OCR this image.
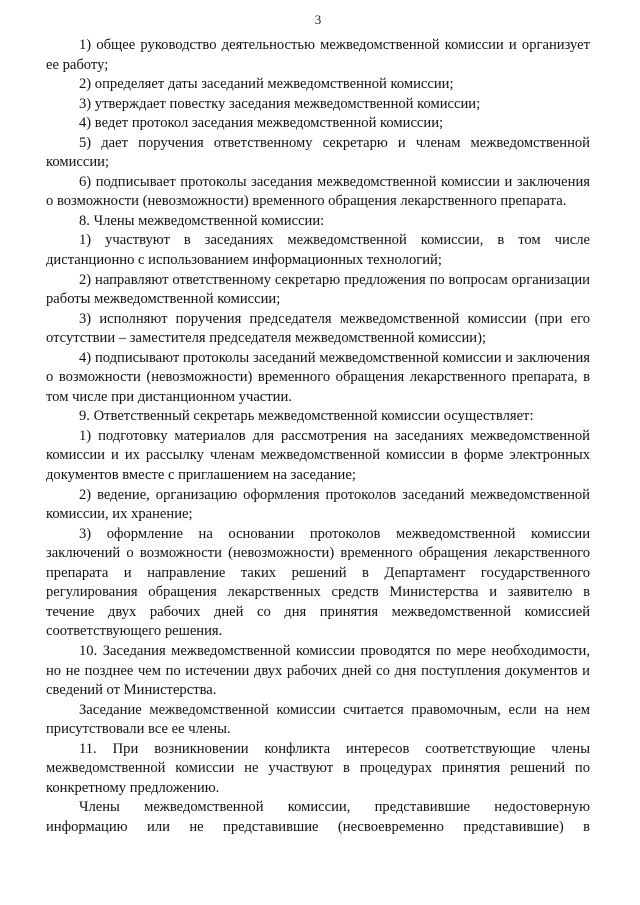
3

1) общее руководство деятельностью межведомственной комиссии и организует ее работу;

2) определяет даты заседаний межведомственной комиссии;

3) утверждает повестку заседания межведомственной комиссии;

4) ведет протокол заседания межведомственной комиссии;

5) дает поручения ответственному секретарю и членам межведомственной комиссии;

6) подписывает протоколы заседания межведомственной комиссии и заключения о возможности (невозможности) временного обращения лекарственного препарата.

8. Члены межведомственной комиссии:

1) участвуют в заседаниях межведомственной комиссии, в том числе дистанционно с использованием информационных технологий;

2) направляют ответственному секретарю предложения по вопросам организации работы межведомственной комиссии;

3) исполняют поручения председателя межведомственной комиссии (при его отсутствии – заместителя председателя межведомственной комиссии);

4) подписывают протоколы заседаний межведомственной комиссии и заключения о возможности (невозможности) временного обращения лекарственного препарата, в том числе при дистанционном участии.

9. Ответственный секретарь межведомственной комиссии осуществляет:

1) подготовку материалов для рассмотрения на заседаниях межведомственной комиссии и их рассылку членам межведомственной комиссии в форме электронных документов вместе с приглашением на заседание;

2) ведение, организацию оформления протоколов заседаний межведомственной комиссии, их хранение;

3) оформление на основании протоколов межведомственной комиссии заключений о возможности (невозможности) временного обращения лекарственного препарата и направление таких решений в Департамент государственного регулирования обращения лекарственных средств Министерства и заявителю в течение двух рабочих дней со дня принятия межведомственной комиссией соответствующего решения.

10. Заседания межведомственной комиссии проводятся по мере необходимости, но не позднее чем по истечении двух рабочих дней со дня поступления документов и сведений от Министерства.

Заседание межведомственной комиссии считается правомочным, если на нем присутствовали все ее члены.

11. При возникновении конфликта интересов соответствующие члены межведомственной комиссии не участвуют в процедурах принятия решений по конкретному предложению.

Члены межведомственной комиссии, представившие недостоверную информацию или не представившие (несвоевременно представившие) в
